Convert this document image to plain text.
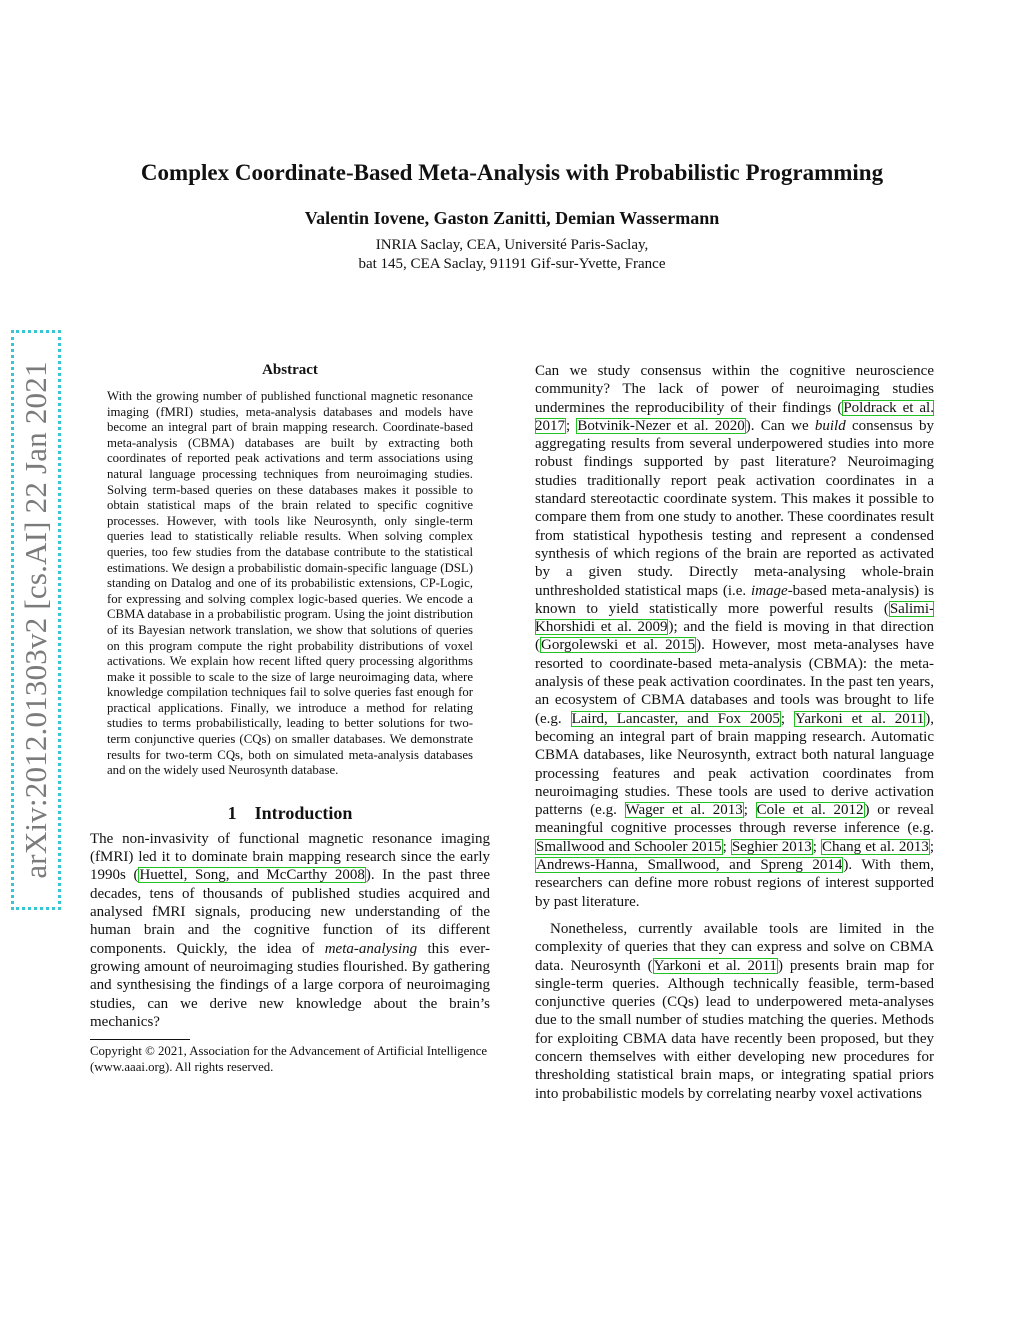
arXiv:2012.01303v2 [cs.AI] 22 Jan 2021
Complex Coordinate-Based Meta-Analysis with Probabilistic Programming
Valentin Iovene, Gaston Zanitti, Demian Wassermann
INRIA Saclay, CEA, Université Paris-Saclay,
bat 145, CEA Saclay, 91191 Gif-sur-Yvette, France
Abstract

With the growing number of published functional magnetic resonance imaging (fMRI) studies, meta-analysis databases and models have become an integral part of brain mapping research. Coordinate-based meta-analysis (CBMA) databases are built by extracting both coordinates of reported peak activations and term associations using natural language processing techniques from neuroimaging studies. Solving term-based queries on these databases makes it possible to obtain statistical maps of the brain related to specific cognitive processes. However, with tools like Neurosynth, only single-term queries lead to statistically reliable results. When solving complex queries, too few studies from the database contribute to the statistical estimations. We design a probabilistic domain-specific language (DSL) standing on Datalog and one of its probabilistic extensions, CP-Logic, for expressing and solving complex logic-based queries. We encode a CBMA database in a probabilistic program. Using the joint distribution of its Bayesian network translation, we show that solutions of queries on this program compute the right probability distributions of voxel activations. We explain how recent lifted query processing algorithms make it possible to scale to the size of large neuroimaging data, where knowledge compilation techniques fail to solve queries fast enough for practical applications. Finally, we introduce a method for relating studies to terms probabilistically, leading to better solutions for two-term conjunctive queries (CQs) on smaller databases. We demonstrate results for two-term CQs, both on simulated meta-analysis databases and on the widely used Neurosynth database.

1 Introduction

The non-invasivity of functional magnetic resonance imaging (fMRI) led it to dominate brain mapping research since the early 1990s (Huettel, Song, and McCarthy 2008). In the past three decades, tens of thousands of published studies acquired and analysed fMRI signals, producing new understanding of the human brain and the cognitive function of its different components. Quickly, the idea of meta-analysing this ever-growing amount of neuroimaging studies flourished. By gathering and synthesising the findings of a large corpora of neuroimaging studies, can we derive new knowledge about the brain’s mechanics?

Copyright © 2021, Association for the Advancement of Artificial Intelligence (www.aaai.org). All rights reserved.

Can we study consensus within the cognitive neuroscience community? The lack of power of neuroimaging studies undermines the reproducibility of their findings (Poldrack et al. 2017; Botvinik-Nezer et al. 2020). Can we build consensus by aggregating results from several underpowered studies into more robust findings supported by past literature? Neuroimaging studies traditionally report peak activation coordinates in a standard stereotactic coordinate system. This makes it possible to compare them from one study to another. These coordinates result from statistical hypothesis testing and represent a condensed synthesis of which regions of the brain are reported as activated by a given study. Directly meta-analysing whole-brain unthresholded statistical maps (i.e. image-based meta-analysis) is known to yield statistically more powerful results (Salimi-Khorshidi et al. 2009); and the field is moving in that direction (Gorgolewski et al. 2015). However, most meta-analyses have resorted to coordinate-based meta-analysis (CBMA): the meta-analysis of these peak activation coordinates. In the past ten years, an ecosystem of CBMA databases and tools was brought to life (e.g. Laird, Lancaster, and Fox 2005; Yarkoni et al. 2011), becoming an integral part of brain mapping research. Automatic CBMA databases, like Neurosynth, extract both natural language processing features and peak activation coordinates from neuroimaging studies. These tools are used to derive activation patterns (e.g. Wager et al. 2013; Cole et al. 2012) or reveal meaningful cognitive processes through reverse inference (e.g. Smallwood and Schooler 2015; Seghier 2013; Chang et al. 2013; Andrews-Hanna, Smallwood, and Spreng 2014). With them, researchers can define more robust regions of interest supported by past literature.

Nonetheless, currently available tools are limited in the complexity of queries that they can express and solve on CBMA data. Neurosynth (Yarkoni et al. 2011) presents brain map for single-term queries. Although technically feasible, term-based conjunctive queries (CQs) lead to underpowered meta-analyses due to the small number of studies matching the queries. Methods for exploiting CBMA data have recently been proposed, but they concern themselves with either developing new procedures for thresholding statistical brain maps, or integrating spatial priors into probabilistic models by correlating nearby voxel activations
